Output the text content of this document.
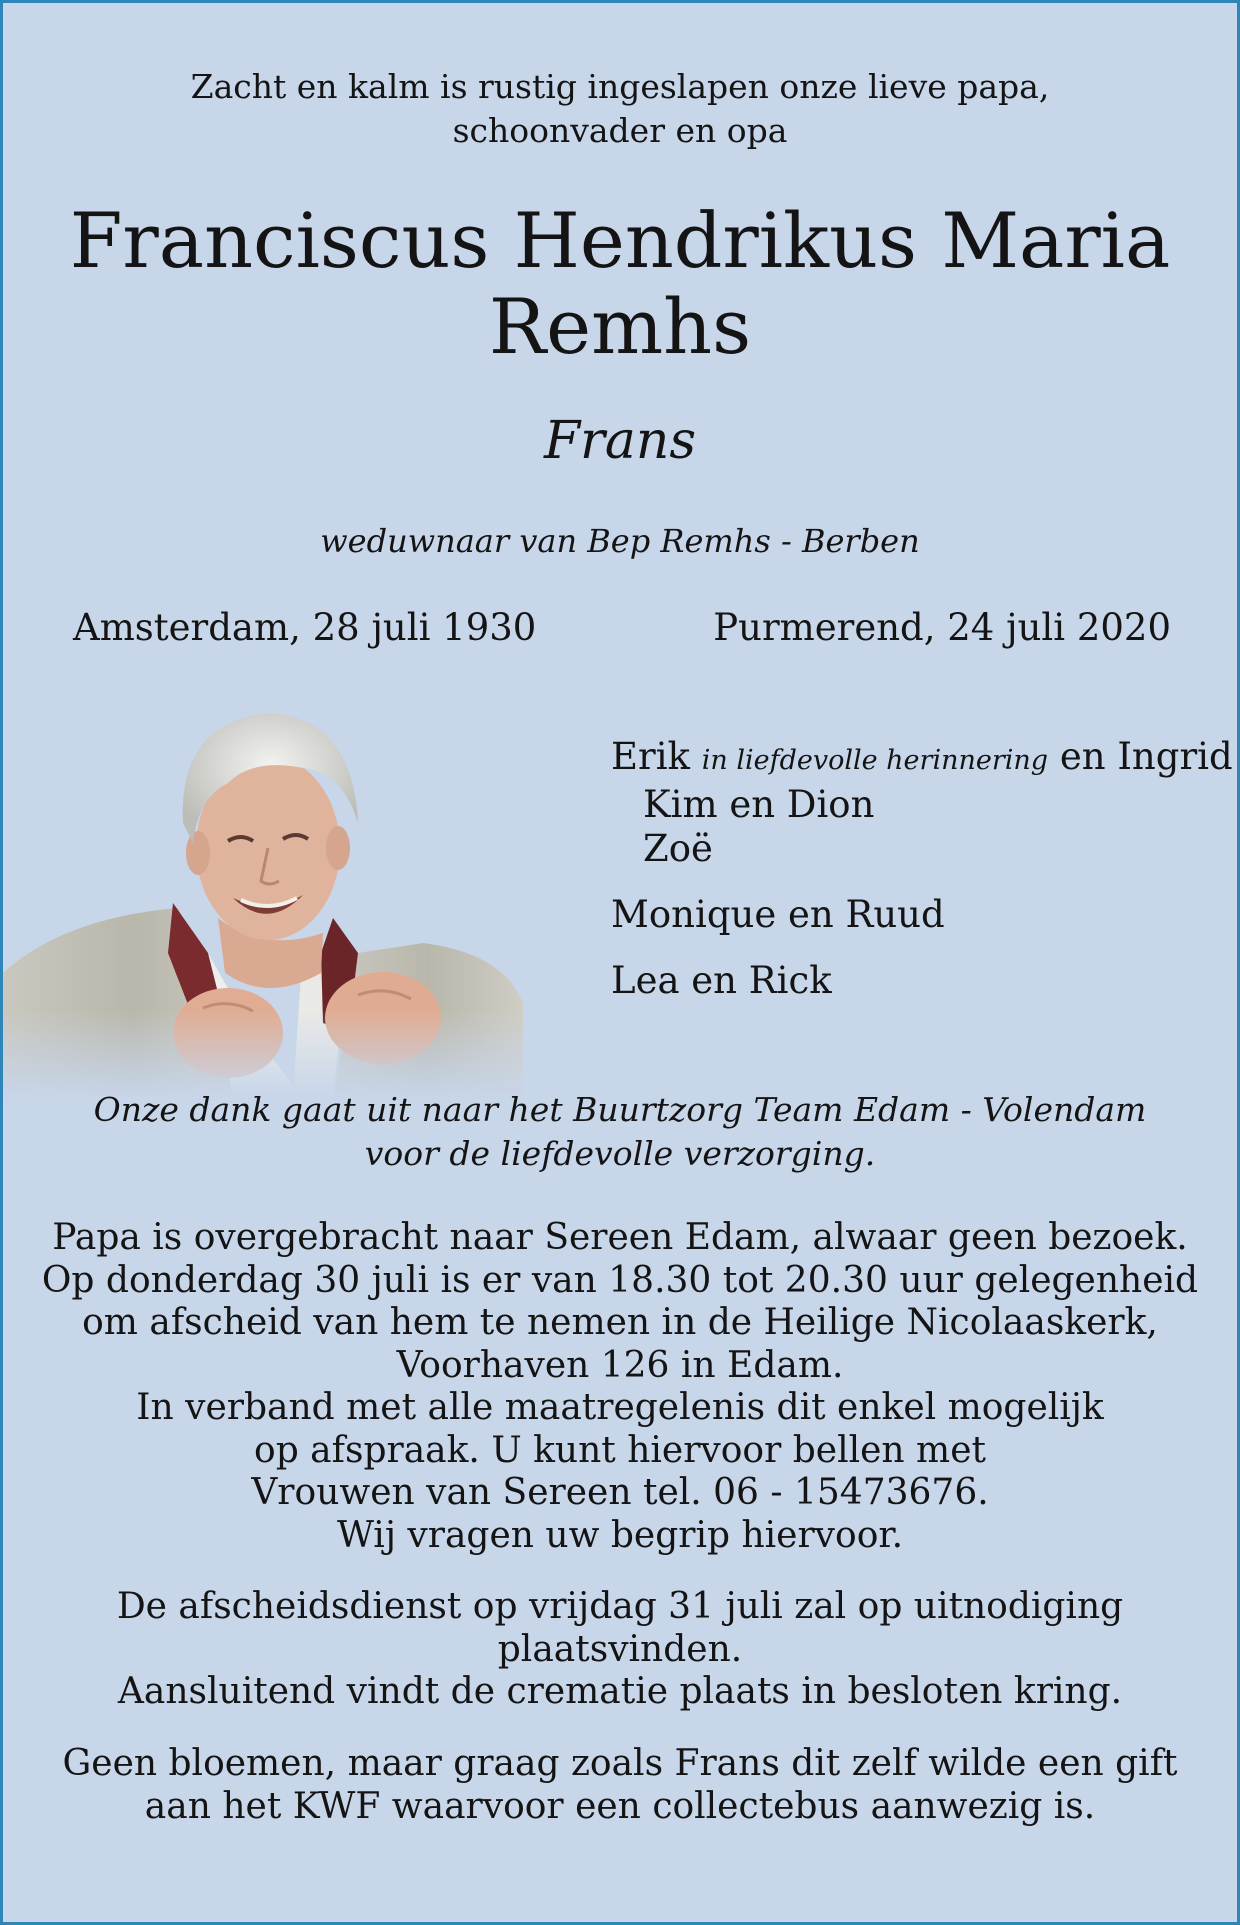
Zacht en kalm is rustig ingeslapen onze lieve papa,
schoonvader en opa
Franciscus Hendrikus Maria
Remhs
Frans
weduwnaar van Bep Remhs - Berben
Amsterdam, 28 juli 1930	Purmerend, 24 juli 2020
Erik in liefdevolle herinnering en Ingrid
Kim en Dion
Zoë
Monique en Ruud
Lea en Rick
Onze dank gaat uit naar het Buurtzorg Team Edam - Volendam
voor de liefdevolle verzorging.
Papa is overgebracht naar Sereen Edam, alwaar geen bezoek.
Op donderdag 30 juli is er van 18.30 tot 20.30 uur gelegenheid
om afscheid van hem te nemen in de Heilige Nicolaaskerk,
Voorhaven 126 in Edam.
In verband met alle maatregelenis dit enkel mogelijk
op afspraak. U kunt hiervoor bellen met
Vrouwen van Sereen tel. 06 - 15473676.
Wij vragen uw begrip hiervoor.
De afscheidsdienst op vrijdag 31 juli zal op uitnodiging
plaatsvinden.
Aansluitend vindt de crematie plaats in besloten kring.
Geen bloemen, maar graag zoals Frans dit zelf wilde een gift
aan het KWF waarvoor een collectebus aanwezig is.
